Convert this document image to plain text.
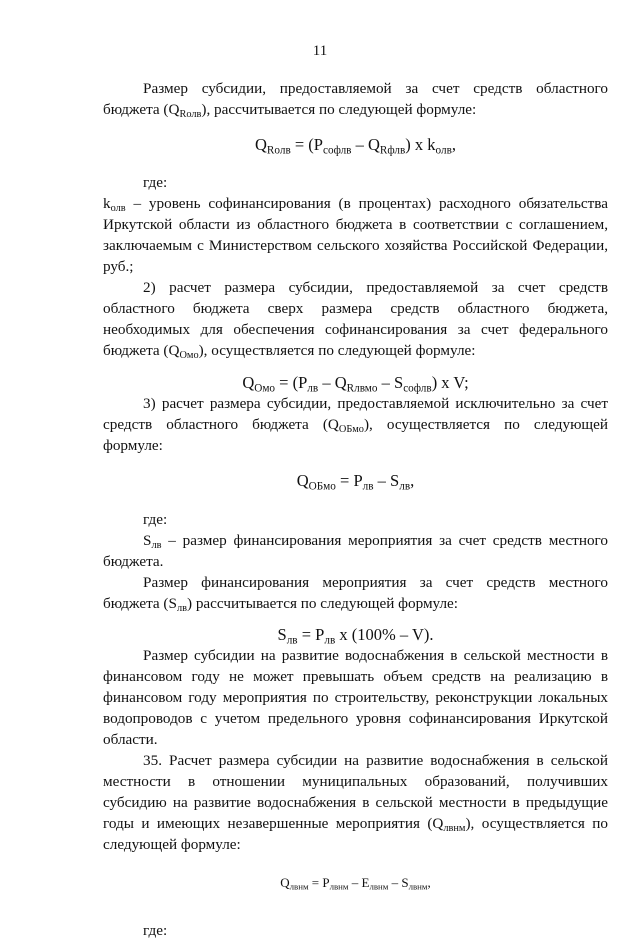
11

Размер субсидии, предоставляемой за счет средств областного бюджета $(Q_{Rолв})$, рассчитывается по следующей формуле:

$Q_{Rолв} = (P_{софлв} - Q_{Rфлв})$ x $k_{олв}$,

где:

$k_{олв}$ – уровень софинансирования (в процентах) расходного обязательства Иркутской области из областного бюджета в соответствии с соглашением, заключаемым с Министерством сельского хозяйства Российской Федерации, руб.;

2) расчет размера субсидии, предоставляемой за счет средств областного бюджета сверх размера средств областного бюджета, необходимых для обеспечения софинансирования за счет федерального бюджета $(Q_{Омо})$, осуществляется по следующей формуле:

$Q_{Омо} = (P_{лв} - Q_{Rлвмо} - S_{софлв})$ x V;

3) расчет размера субсидии, предоставляемой исключительно за счет средств областного бюджета $(Q_{ОБмо})$, осуществляется по следующей формуле:

$Q_{ОБмо} = P_{лв} - S_{лв}$,

где:

$S_{лв}$ – размер финансирования мероприятия за счет средств местного бюджета.

Размер финансирования мероприятия за счет средств местного бюджета $(S_{лв})$ рассчитывается по следующей формуле:

$S_{лв} = P_{лв}$ x (100% – V).

Размер субсидии на развитие водоснабжения в сельской местности в финансовом году не может превышать объем средств на реализацию в финансовом году мероприятия по строительству, реконструкции локальных водопроводов с учетом предельного уровня софинансирования Иркутской области.

35. Расчет размера субсидии на развитие водоснабжения в сельской местности в отношении муниципальных образований, получивших субсидию на развитие водоснабжения в сельской местности в предыдущие годы и имеющих незавершенные мероприятия $(Q_{лвнм})$, осуществляется по следующей формуле:

$Q_{лвнм} = P_{лвнм} - E_{лвнм} - S_{лвнм}$,

где:
